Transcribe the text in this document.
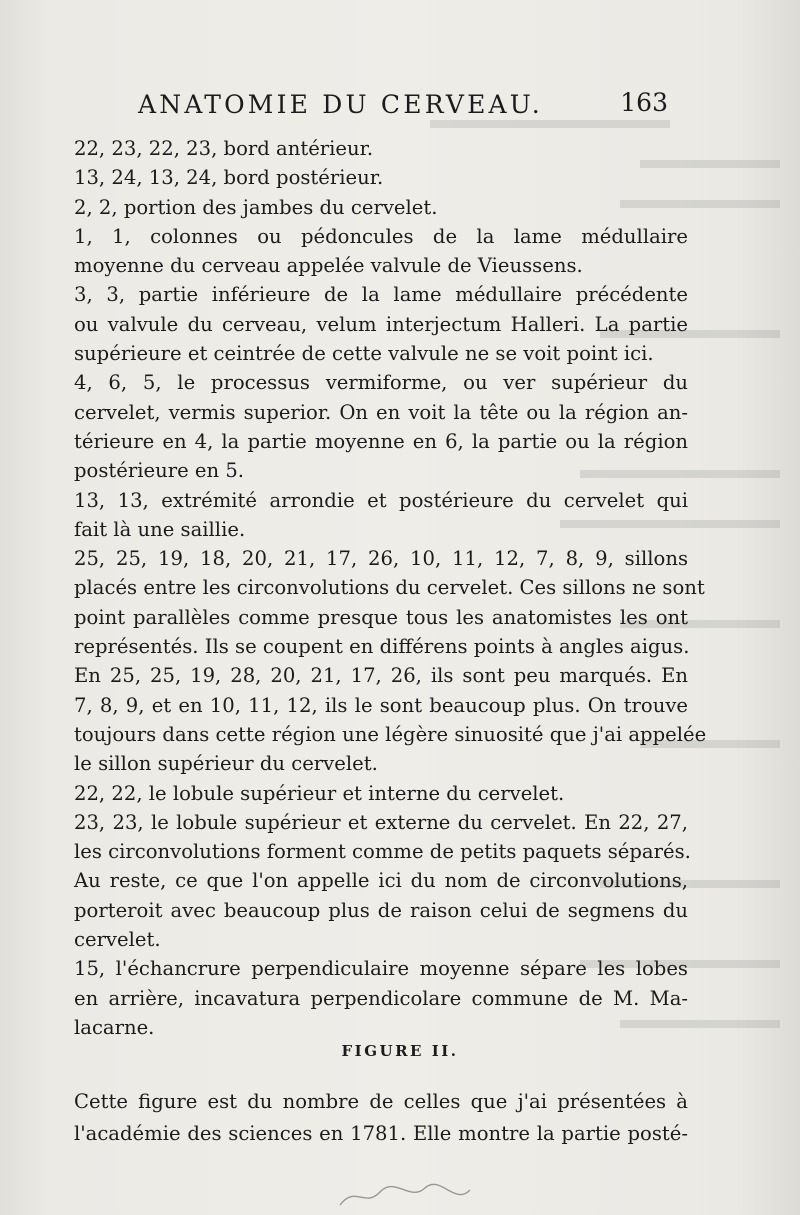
ANATOMIE DU CERVEAU.	163
22, 23, 22, 23, bord antérieur.
13, 24, 13, 24, bord postérieur.
2, 2, portion des jambes du cervelet.
1, 1, colonnes ou pédoncules de la lame médullaire
moyenne du cerveau appelée valvule de Vieussens.
3, 3, partie inférieure de la lame médullaire précédente
ou valvule du cerveau, velum interjectum Halleri. La partie
supérieure et ceintrée de cette valvule ne se voit point ici.
4, 6, 5, le processus vermiforme, ou ver supérieur du
cervelet, vermis superior. On en voit la tête ou la région an-
térieure en 4, la partie moyenne en 6, la partie ou la région
postérieure en 5.
13, 13, extrémité arrondie et postérieure du cervelet qui
fait là une saillie.
25, 25, 19, 18, 20, 21, 17, 26, 10, 11, 12, 7, 8, 9, sillons
placés entre les circonvolutions du cervelet. Ces sillons ne sont
point parallèles comme presque tous les anatomistes les ont
représentés. Ils se coupent en différens points à angles aigus.
En 25, 25, 19, 28, 20, 21, 17, 26, ils sont peu marqués. En
7, 8, 9, et en 10, 11, 12, ils le sont beaucoup plus. On trouve
toujours dans cette région une légère sinuosité que j'ai appelée
le sillon supérieur du cervelet.
22, 22, le lobule supérieur et interne du cervelet.
23, 23, le lobule supérieur et externe du cervelet. En 22, 27,
les circonvolutions forment comme de petits paquets séparés.
Au reste, ce que l'on appelle ici du nom de circonvolutions,
porteroit avec beaucoup plus de raison celui de segmens du
cervelet.
15, l'échancrure perpendiculaire moyenne sépare les lobes
en arrière, incavatura perpendicolare commune de M. Ma-
lacarne.
FIGURE II.
Cette figure est du nombre de celles que j'ai présentées à
l'académie des sciences en 1781. Elle montre la partie posté-
